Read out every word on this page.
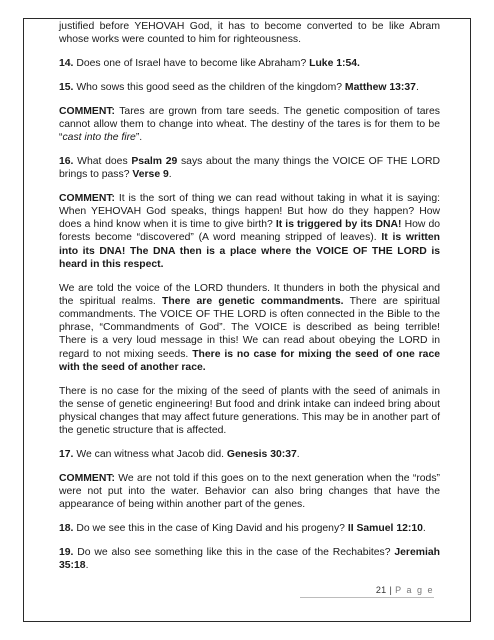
justified before YEHOVAH God, it has to become converted to be like Abram whose works were counted to him for righteousness.

14. Does one of Israel have to become like Abraham? Luke 1:54.

15. Who sows this good seed as the children of the kingdom? Matthew 13:37.

COMMENT: Tares are grown from tare seeds. The genetic composition of tares cannot allow them to change into wheat. The destiny of the tares is for them to be “cast into the fire”.

16. What does Psalm 29 says about the many things the VOICE OF THE LORD brings to pass? Verse 9.

COMMENT: It is the sort of thing we can read without taking in what it is saying: When YEHOVAH God speaks, things happen! But how do they happen? How does a hind know when it is time to give birth? It is triggered by its DNA! How do forests become “discovered” (A word meaning stripped of leaves). It is written into its DNA! The DNA then is a place where the VOICE OF THE LORD is heard in this respect.

We are told the voice of the LORD thunders. It thunders in both the physical and the spiritual realms. There are genetic commandments. There are spiritual commandments. The VOICE OF THE LORD is often connected in the Bible to the phrase, “Commandments of God”. The VOICE is described as being terrible! There is a very loud message in this! We can read about obeying the LORD in regard to not mixing seeds. There is no case for mixing the seed of one race with the seed of another race.

There is no case for the mixing of the seed of plants with the seed of animals in the sense of genetic engineering! But food and drink intake can indeed bring about physical changes that may affect future generations. This may be in another part of the genetic structure that is affected.

17. We can witness what Jacob did. Genesis 30:37.

COMMENT: We are not told if this goes on to the next generation when the “rods” were not put into the water. Behavior can also bring changes that have the appearance of being within another part of the genes.

18. Do we see this in the case of King David and his progeny? II Samuel 12:10.

19. Do we also see something like this in the case of the Rechabites? Jeremiah 35:18.

21 | P a g e
